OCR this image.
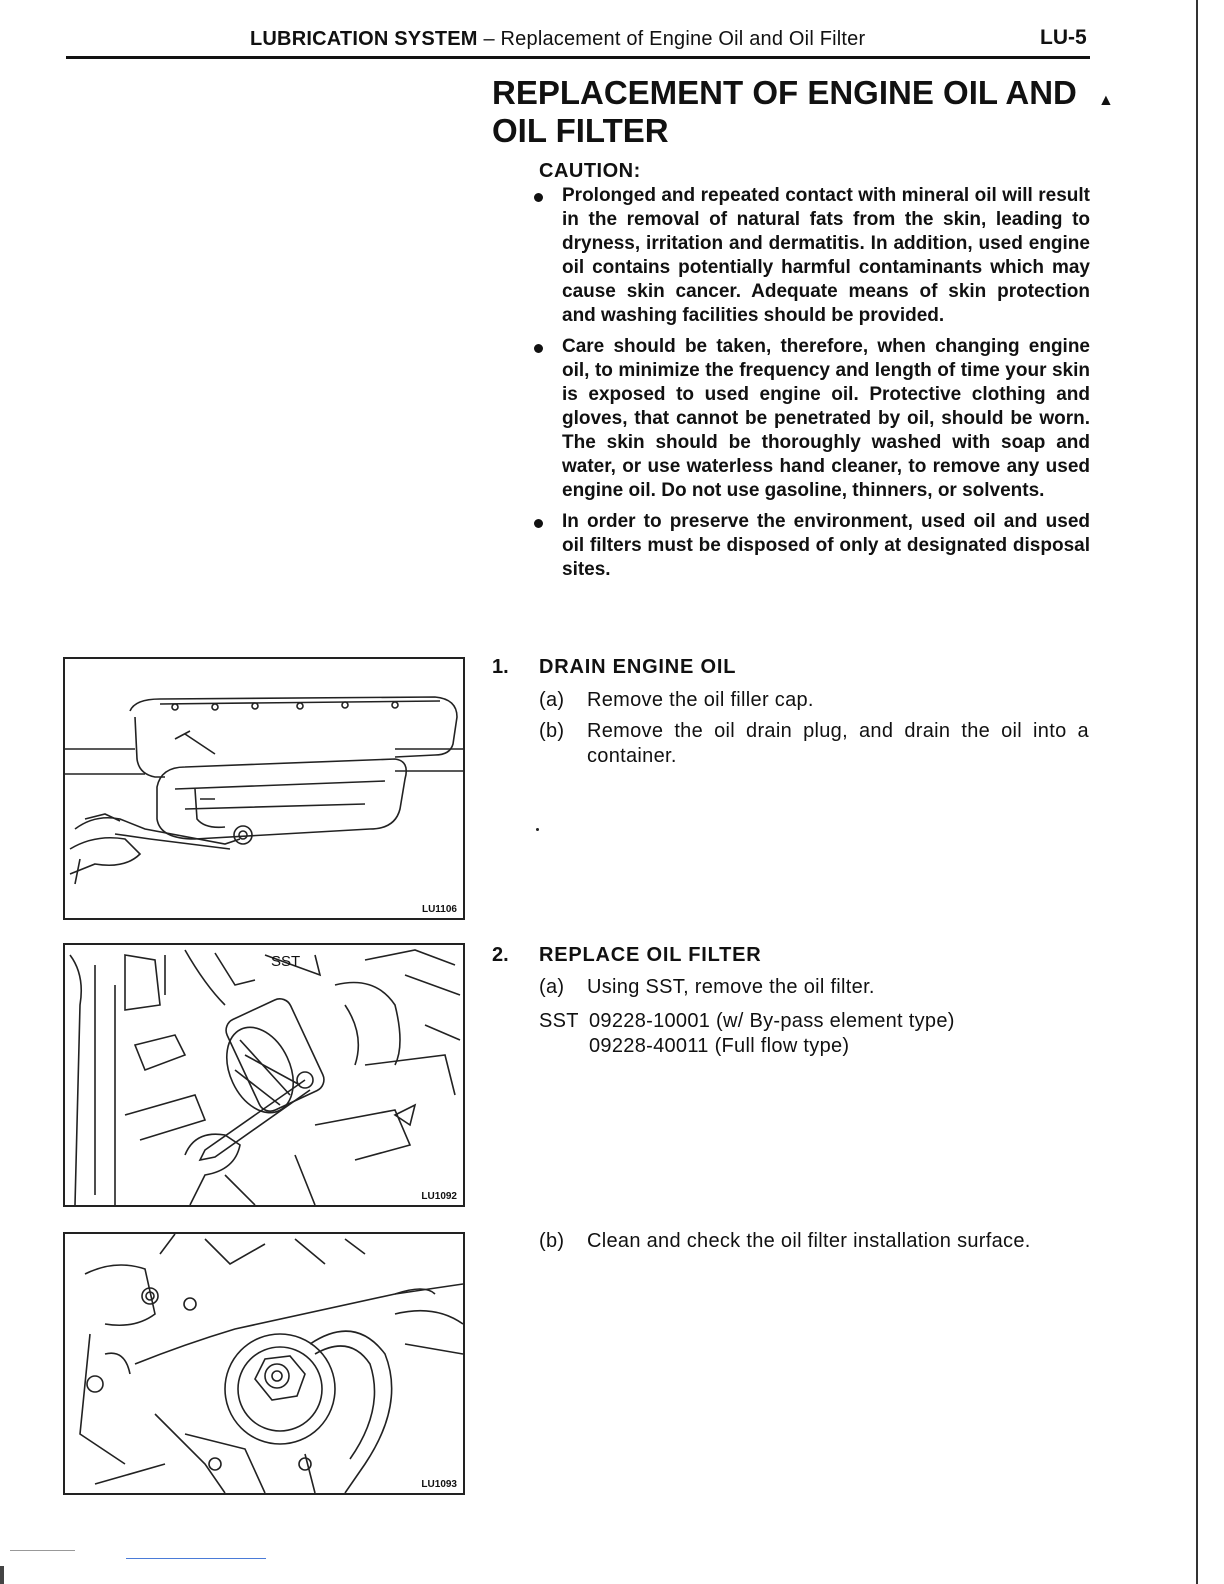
LUBRICATION SYSTEM – Replacement of Engine Oil and Oil Filter	LU-5
REPLACEMENT OF ENGINE OIL AND
OIL FILTER
▲
CAUTION:
Prolonged and repeated contact with mineral oil will result in the removal of natural fats from the skin, leading to dryness, irritation and dermatitis. In addition, used engine oil contains potentially harmful contaminants which may cause skin cancer. Adequate means of skin protection and washing facilities should be provided.
Care should be taken, therefore, when changing engine oil, to minimize the frequency and length of time your skin is exposed to used engine oil. Protective clothing and gloves, that cannot be penetrated by oil, should be worn. The skin should be thoroughly washed with soap and water, or use waterless hand cleaner, to remove any used engine oil. Do not use gasoline, thinners, or solvents.
In order to preserve the environment, used oil and used oil filters must be disposed of only at designated disposal sites.
1. DRAIN ENGINE OIL
(a) Remove the oil filler cap.
(b) Remove the oil drain plug, and drain the oil into a container.
2. REPLACE OIL FILTER
(a) Using SST, remove the oil filter.
SST 09228-10001 (w/ By-pass element type)
09228-40011 (Full flow type)
(b) Clean and check the oil filter installation surface.
LU1106
SST
LU1092
LU1093
